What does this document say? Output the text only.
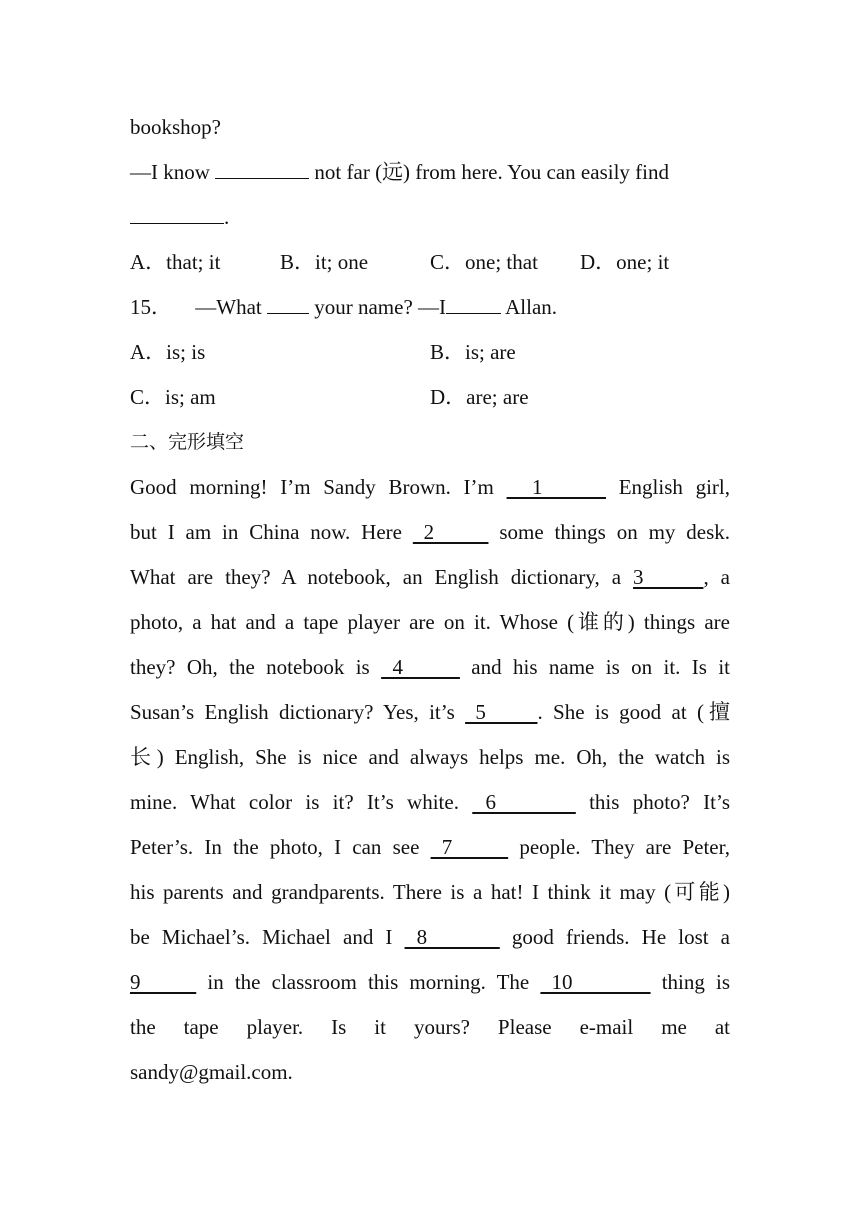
bookshop?
—I know	not far (远) from here. You can easily find
.
A．that; it	B．it; one	C．one; that D．one; it
15． —What	your name? —I	Allan.
A．is; is	B．is; are
C．is; am	D．are; are
二、完形填空
Good morning! I’m Sandy Brown. I’m   1      English girl,
but I am in China now. Here  2      some things on my desk.
What are they? A notebook, an English dictionary, a 3     , a
photo, a hat and a tape player are on it. Whose (谁的) things are
they? Oh, the notebook is  4      and his name is on it. Is it
Susan’s English dictionary? Yes, it’s  5     . She is good at (擅
长) English, She is nice and always helps me. Oh, the watch is
mine. What color is it? It’s white.  6       this photo? It’s
Peter’s. In the photo, I can see  7      people. They are Peter,
his parents and grandparents. There is a hat! I think it may (可能)
be Michael’s. Michael and I  8       good friends. He lost a
9      in the classroom this morning. The  10        thing is
the tape player. Is it yours? Please e-mail me at
sandy@gmail.com.
